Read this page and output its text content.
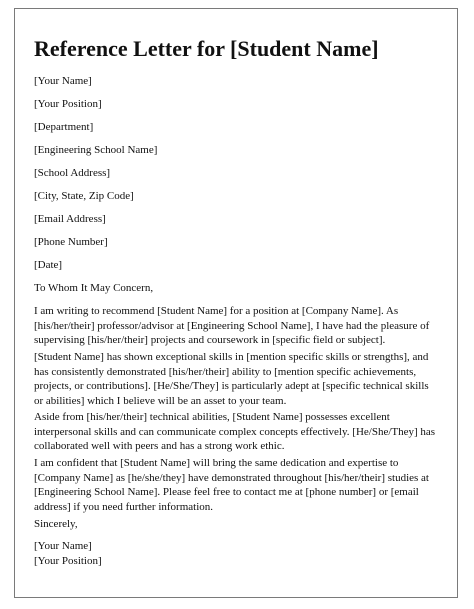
Reference Letter for [Student Name]

[Your Name]

[Your Position]

[Department]

[Engineering School Name]

[School Address]

[City, State, Zip Code]

[Email Address]

[Phone Number]

[Date]

To Whom It May Concern,

I am writing to recommend [Student Name] for a position at [Company Name]. As
[his/her/their] professor/advisor at [Engineering School Name], I have had the pleasure of
supervising [his/her/their] projects and coursework in [specific field or subject].

[Student Name] has shown exceptional skills in [mention specific skills or strengths], and
has consistently demonstrated [his/her/their] ability to [mention specific achievements,
projects, or contributions]. [He/She/They] is particularly adept at [specific technical skills
or abilities] which I believe will be an asset to your team.

Aside from [his/her/their] technical abilities, [Student Name] possesses excellent
interpersonal skills and can communicate complex concepts effectively. [He/She/They] has
collaborated well with peers and has a strong work ethic.

I am confident that [Student Name] will bring the same dedication and expertise to
[Company Name] as [he/she/they] have demonstrated throughout [his/her/their] studies at
[Engineering School Name]. Please feel free to contact me at [phone number] or [email
address] if you need further information.

Sincerely,

[Your Name]
[Your Position]
